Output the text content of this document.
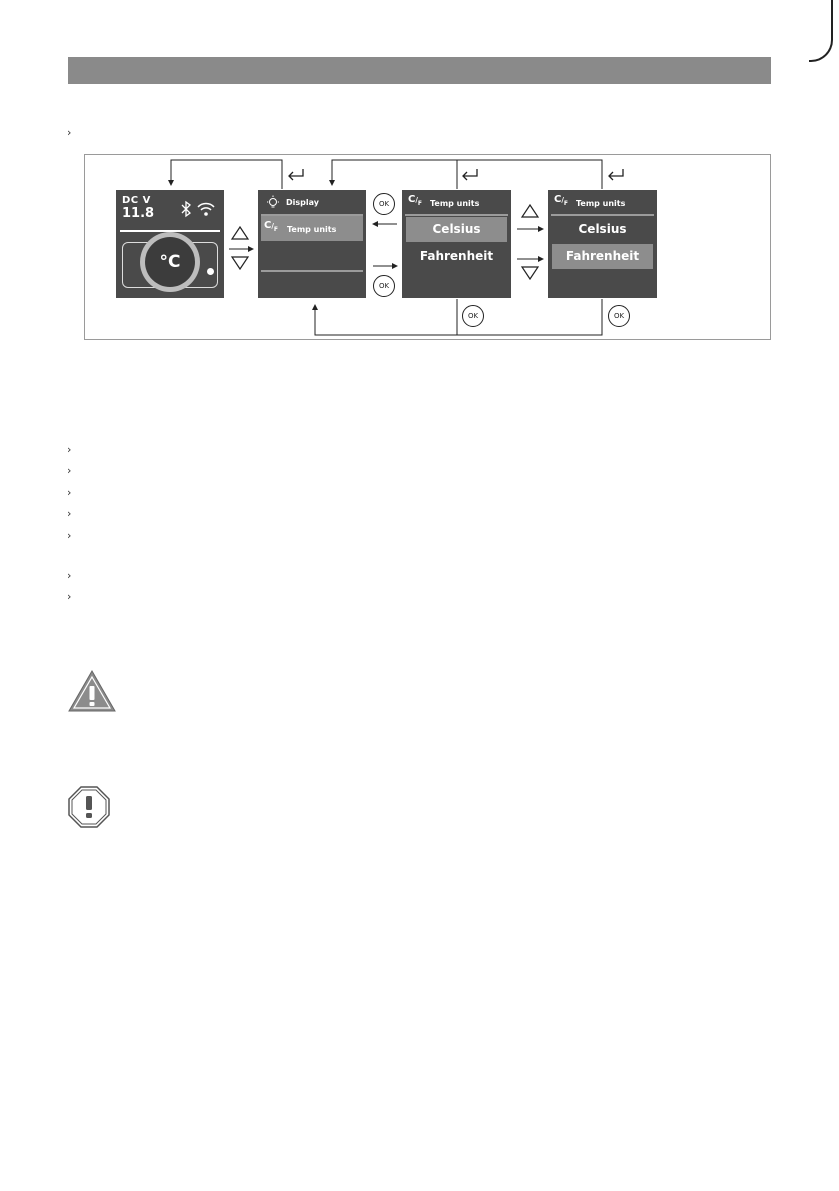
›
DC V
11.8
°C
Display
$C/_F$ Temp units
OK
OK
$C/_F$ Temp units
Celsius
Fahrenheit
$C/_F$ Temp units
Celsius
Fahrenheit
OK	OK
›
›
›
›
›
›
›
